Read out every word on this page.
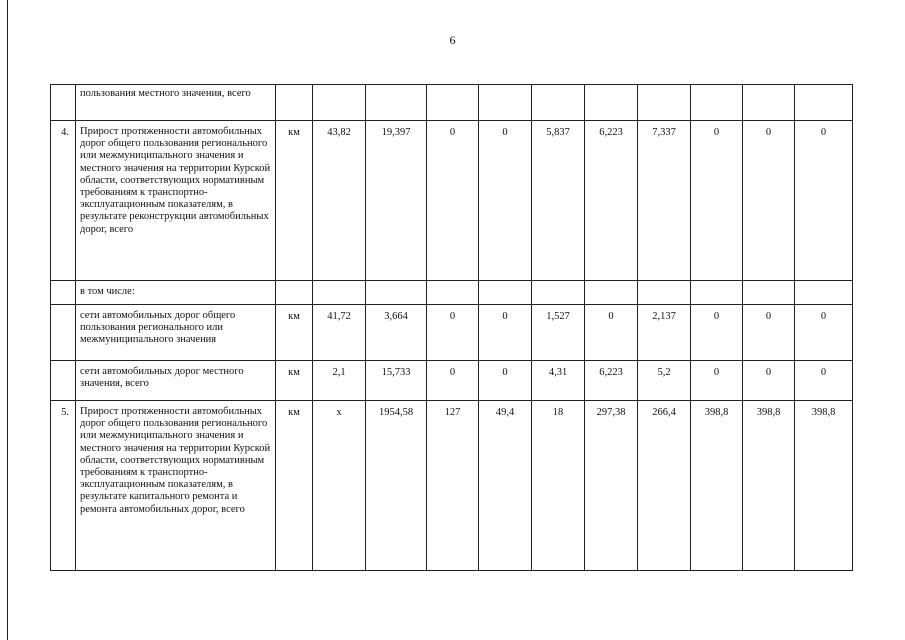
6
	пользования местного значения, всего											
4.	Прирост протяженности автомобильных дорог общего пользования регионального или межмуниципального значения и местного значения на территории Курской области, соответствующих нормативным требованиям к транспортно-эксплуатационным показателям, в результате реконструкции автомобильных дорог, всего	км	43,82	19,397	0	0	5,837	6,223	7,337	0	0	0
	в том числе:											
	сети автомобильных дорог общего пользования регионального или межмуниципального значения	км	41,72	3,664	0	0	1,527	0	2,137	0	0	0
	сети автомобильных дорог местного значения, всего	км	2,1	15,733	0	0	4,31	6,223	5,2	0	0	0
5.	Прирост протяженности автомобильных дорог общего пользования регионального или межмуниципального значения и местного значения на территории Курской области, соответствующих нормативным требованиям к транспортно-эксплуатационным показателям, в результате капитального ремонта и ремонта автомобильных дорог, всего	км	х	1954,58	127	49,4	18	297,38	266,4	398,8	398,8	398,8
